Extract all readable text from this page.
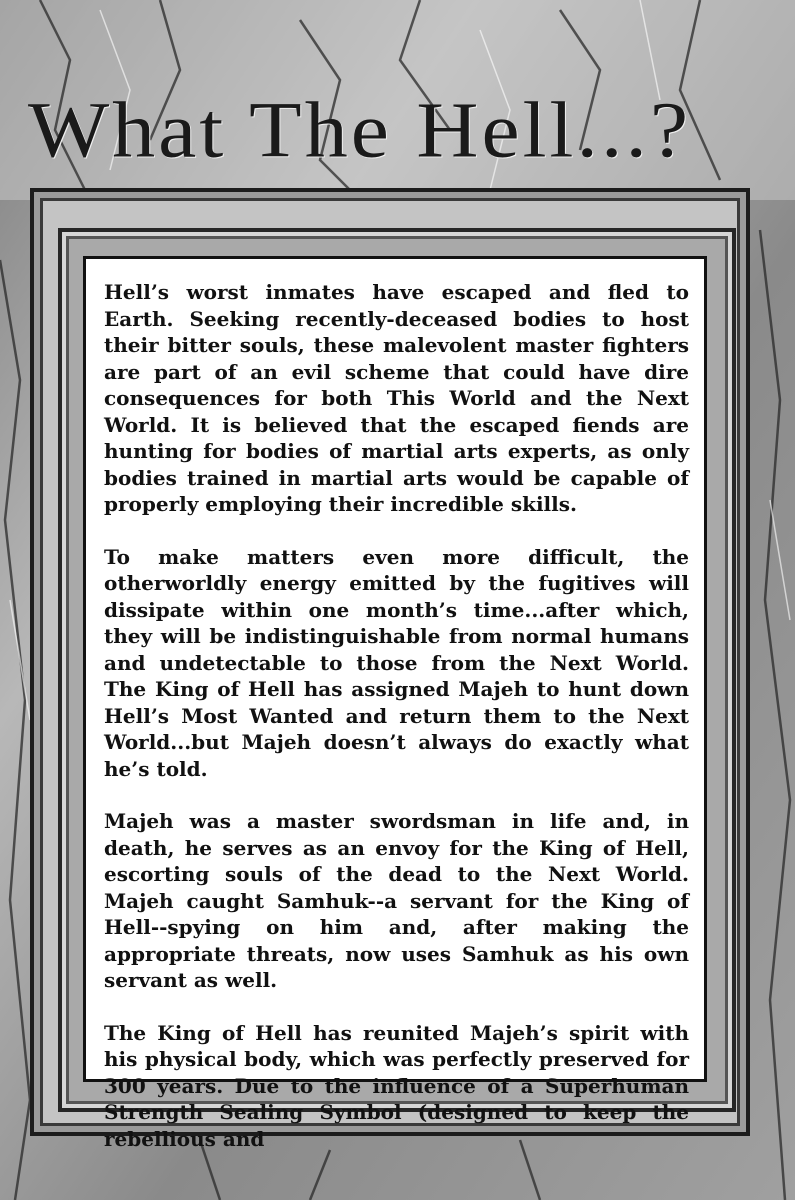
What The Hell...?

Hell’s worst inmates have escaped and fled to Earth. Seeking recently-deceased bodies to host their bitter souls, these malevolent master fighters are part of an evil scheme that could have dire consequences for both This World and the Next World. It is believed that the escaped fiends are hunting for bodies of martial arts experts, as only bodies trained in martial arts would be capable of properly employing their incredible skills.

To make matters even more difficult, the otherworldly energy emitted by the fugitives will dissipate within one month’s time...after which, they will be indistinguishable from normal humans and undetectable to those from the Next World. The King of Hell has assigned Majeh to hunt down Hell’s Most Wanted and return them to the Next World...but Majeh doesn’t always do exactly what he’s told.

Majeh was a master swordsman in life and, in death, he serves as an envoy for the King of Hell, escorting souls of the dead to the Next World. Majeh caught Samhuk--a servant for the King of Hell--spying on him and, after making the appropriate threats, now uses Samhuk as his own servant as well.

The King of Hell has reunited Majeh’s spirit with his physical body, which was perfectly preserved for 300 years. Due to the influence of a Superhuman Strength Sealing Symbol (designed to keep the rebellious and
